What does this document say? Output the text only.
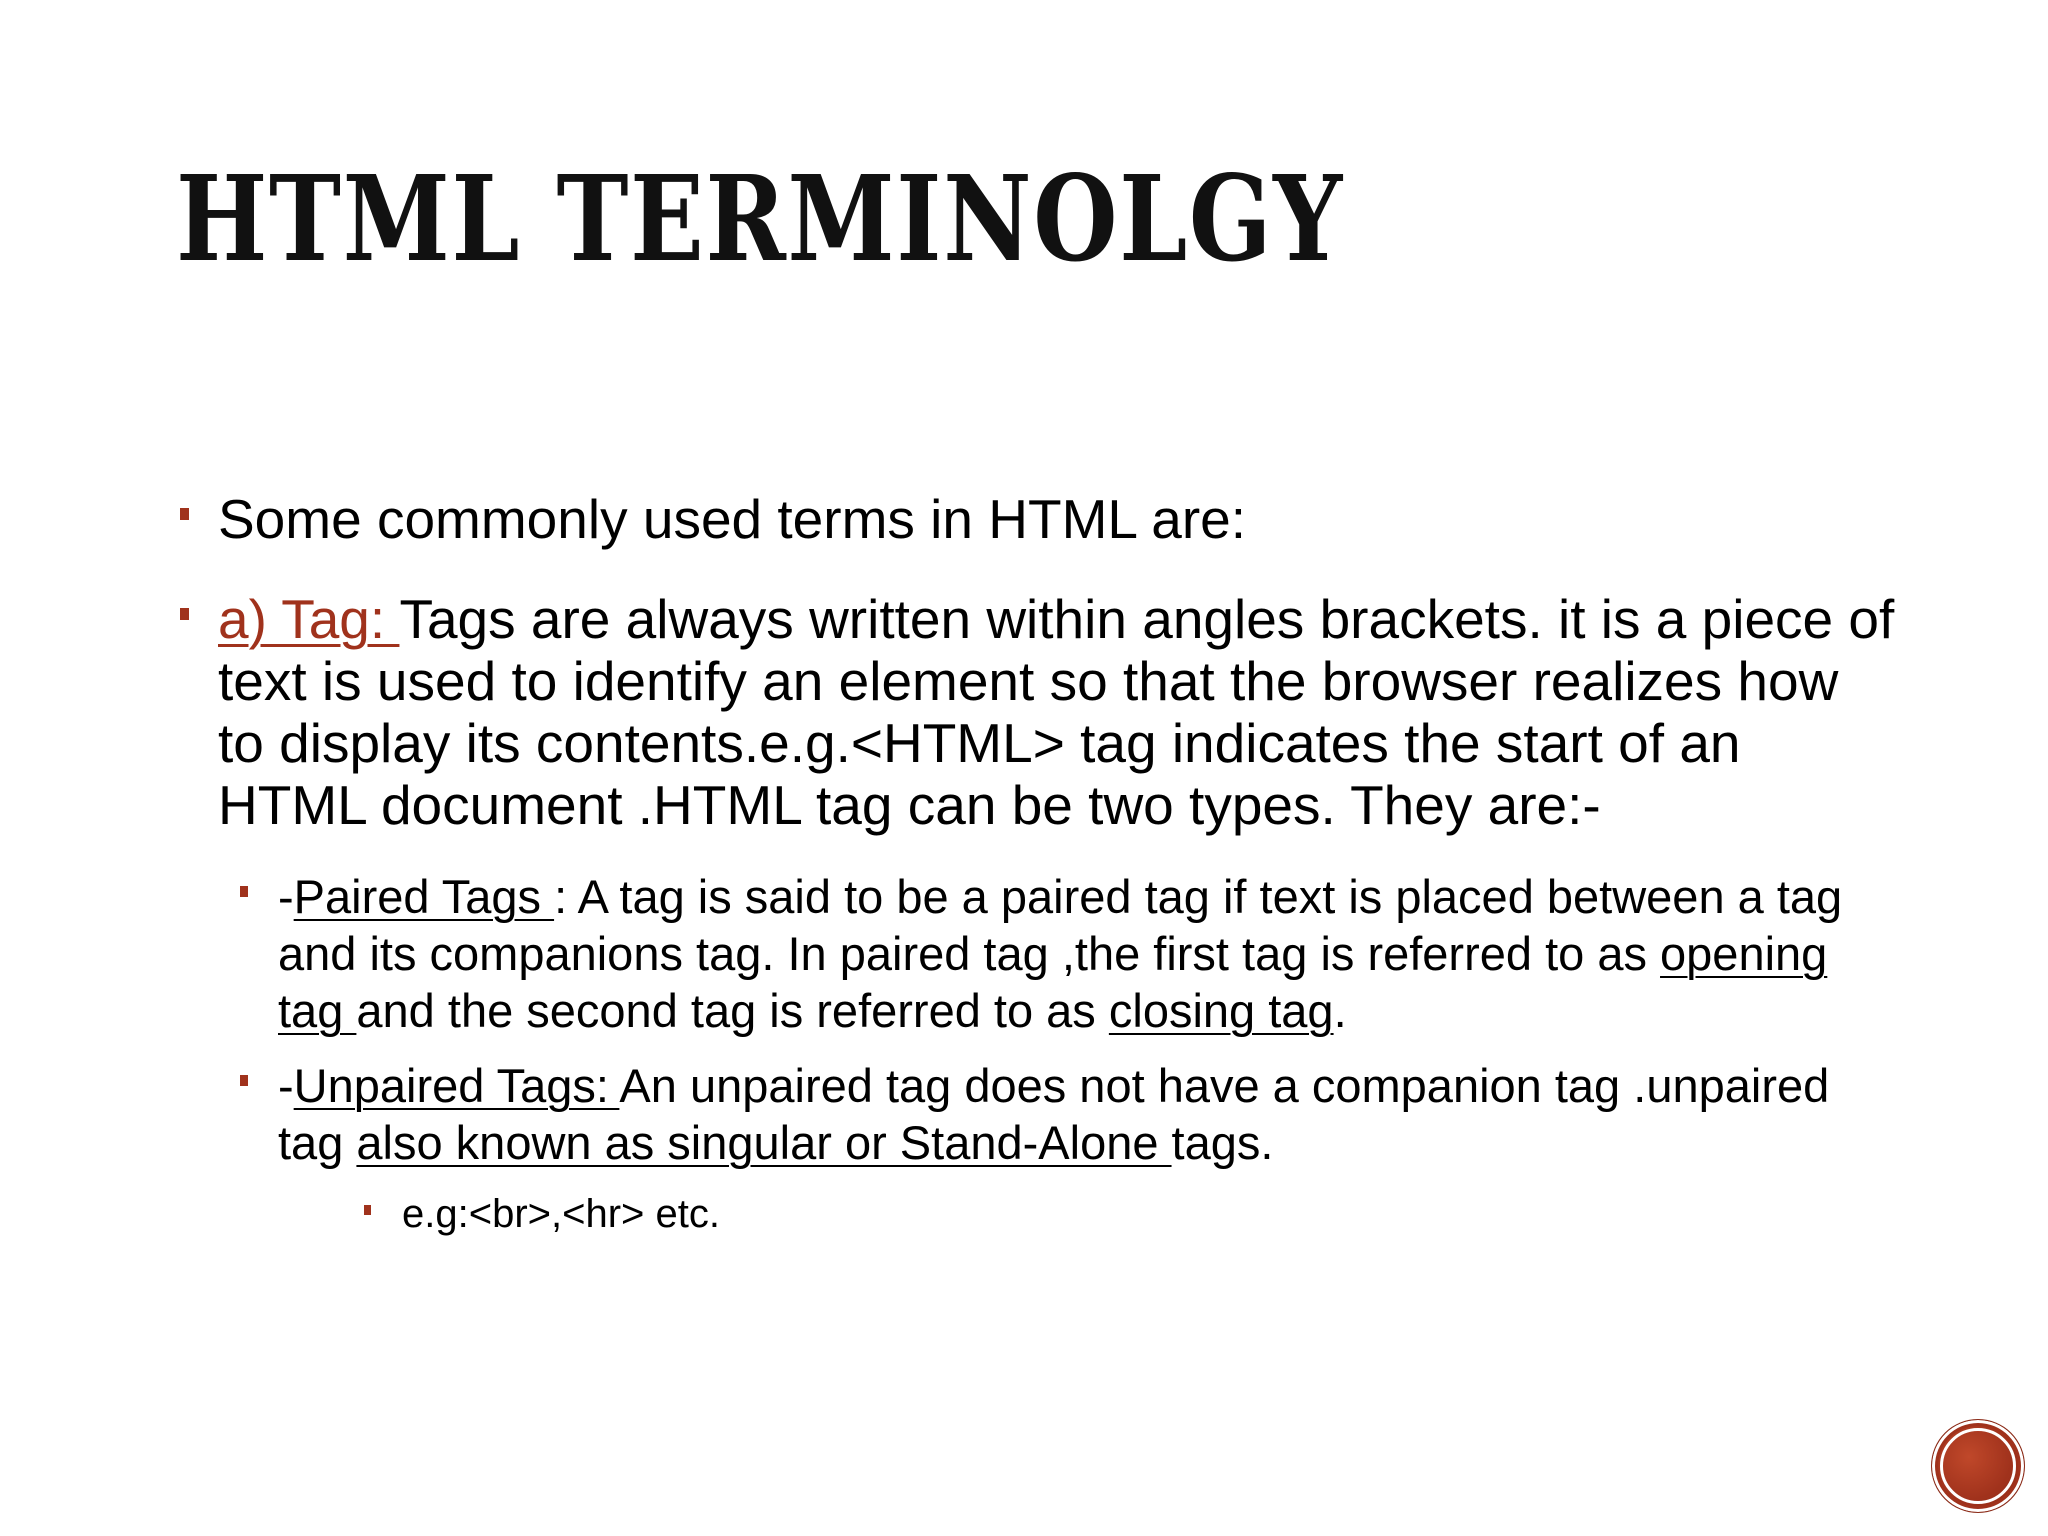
HTML TERMINOLGY

Some commonly used terms in HTML are:

a) Tag: Tags are always written within angles brackets. it is a piece of text is used to identify an element so that the browser realizes how to display its contents.e.g.<HTML> tag indicates the start of an HTML document .HTML tag can be two types. They are:-

-Paired Tags : A tag is said to be a paired tag if text is placed between a tag and its companions tag. In paired tag ,the first tag is referred to as opening tag and the second tag is referred to as closing tag.

-Unpaired Tags: An unpaired tag does not have a companion tag .unpaired tag also known as singular or Stand-Alone tags.

e.g:<br>,<hr> etc.
